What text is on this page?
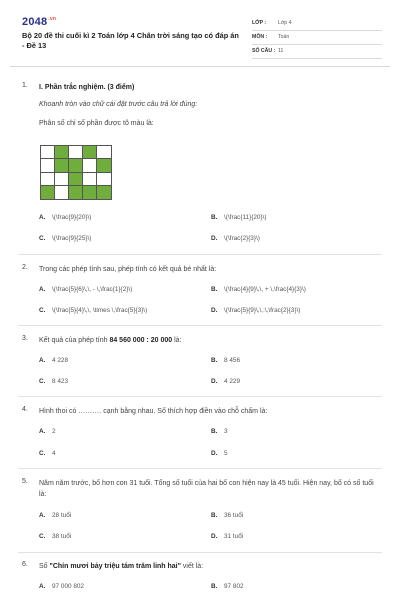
$2048^{.vn}$
Bộ 20 đề thi cuối kì 2 Toán lớp 4 Chân trời sáng tạo có đáp án - Đề 13
LỚP : Lớp 4
MÔN : Toán
SỐ CÂU : 11
1. I. Phần trắc nghiệm. (3 điểm)
Khoanh tròn vào chữ cái đặt trước câu trả lời đúng:
Phân số chỉ số phần được tô màu là:
A. \(\frac{9}{20}\)	B. \(\frac{11}{20}\)
C. \(\frac{9}{25}\)	D. \(\frac{2}{3}\)
2. Trong các phép tính sau, phép tính có kết quả bé nhất là:
A. \(\frac{5}{6}\,\, - \,\frac{1}{2}\)	B. \(\frac{4}{9}\,\, + \,\frac{4}{3}\)
C. \(\frac{5}{4}\,\, \times \,\frac{5}{3}\)	D. \(\frac{5}{9}\,\,:\,\frac{2}{3}\)
3. Kết quả của phép tính 84 560 000 : 20 000 là:
A. 4 228	B. 8 456
C. 8 423	D. 4 229
4. Hình thoi có ………. cạnh bằng nhau. Số thích hợp điền vào chỗ chấm là:
A. 2	B. 3
C. 4	D. 5
5. Năm năm trước, bố hơn con 31 tuổi. Tổng số tuổi của hai bố con hiện nay là 45 tuổi. Hiện nay, bố có số tuổi là:
A. 28 tuổi	B. 36 tuổi
C. 38 tuổi	D. 31 tuổi
6. Số "Chín mươi bảy triệu tám trăm linh hai" viết là:
A. 97 000 802	B. 97 802
